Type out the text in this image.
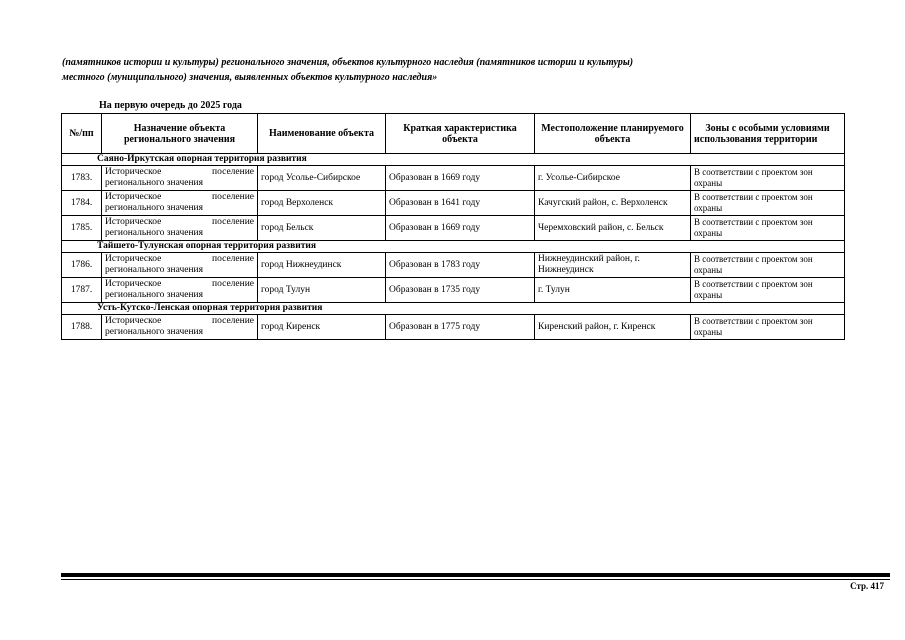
(памятников истории и культуры) регионального значения, объектов культурного наследия (памятников истории и культуры)

местного (муниципального) значения, выявленных объектов культурного наследия»

На первую очередь до 2025 года
№/пп	Назначение объекта регионального значения	Наименование объекта	Краткая характеристика объекта	Местоположение планируемого объекта	Зоны с особыми условиями использования территории
Саяно-Иркутская опорная территория развития					
1783.	Историческое поселение регионального значения	город Усолье-Сибирское	Образован в 1669 году	г. Усолье-Сибирское	В соответствии с проектом зон охраны
1784.	Историческое поселение регионального значения	город Верхоленск	Образован в 1641 году	Качугский район, с. Верхоленск	В соответствии с проектом зон охраны
1785.	Историческое поселение регионального значения	город Бельск	Образован в 1669 году	Черемховский район, с. Бельск	В соответствии с проектом зон охраны
Тайшето-Тулунская опорная территория развития					
1786.	Историческое поселение регионального значения	город Нижнеудинск	Образован в 1783 году	Нижнеудинский район, г. Нижнеудинск	В соответствии с проектом зон охраны
1787.	Историческое поселение регионального значения	город Тулун	Образован в 1735 году	г. Тулун	В соответствии с проектом зон охраны
Усть-Кутско-Ленская опорная территория развития					
1788.	Историческое поселение регионального значения	город Киренск	Образован в 1775 году	Киренский район, г. Киренск	В соответствии с проектом зон охраны
Стр. 417
